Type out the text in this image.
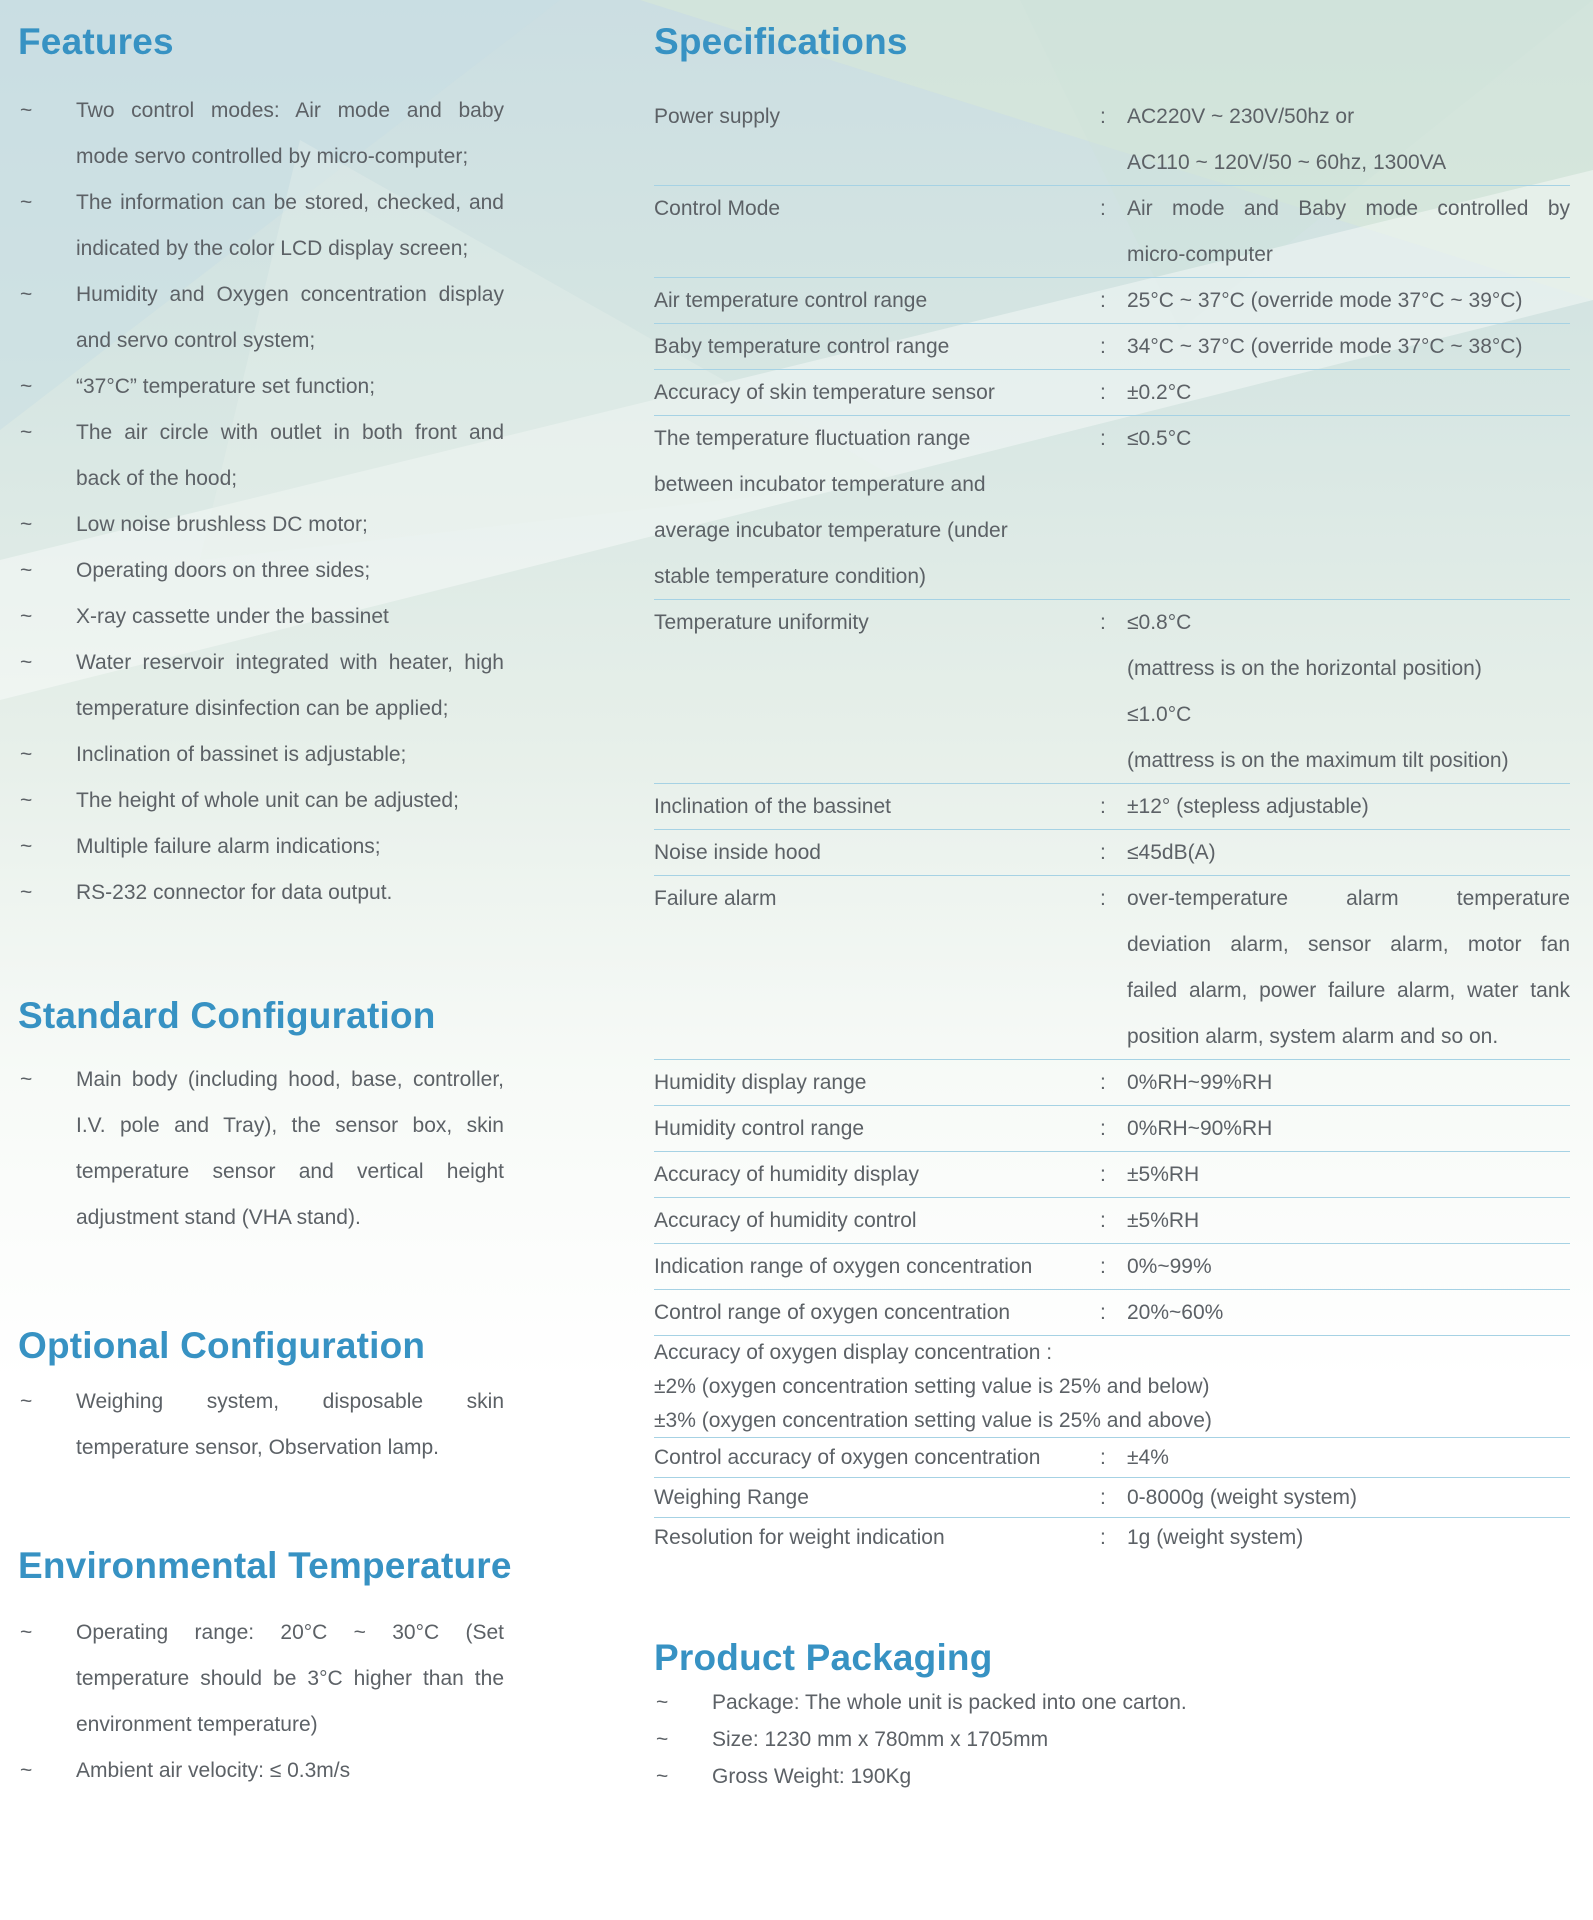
Features
~ Two control modes: Air mode and baby
mode servo controlled by micro-computer;
~ The information can be stored, checked, and
indicated by the color LCD display screen;
~ Humidity and Oxygen concentration display
and servo control system;
~ “37°C” temperature set function;
~ The air circle with outlet in both front and
back of the hood;
~ Low noise brushless DC motor;
~ Operating doors on three sides;
~ X-ray cassette under the bassinet
~ Water reservoir integrated with heater, high
temperature disinfection can be applied;
~ Inclination of bassinet is adjustable;
~ The height of whole unit can be adjusted;
~ Multiple failure alarm indications;
~ RS-232 connector for data output.
Standard Configuration
~ Main body (including hood, base, controller,
I.V. pole and Tray), the sensor box, skin
temperature sensor and vertical height
adjustment stand (VHA stand).
Optional Configuration
~ Weighing system, disposable skin
temperature sensor, Observation lamp.
Environmental Temperature
~ Operating range: 20°C ~ 30°C (Set
temperature should be 3°C higher than the
environment temperature)
~ Ambient air velocity: ≤ 0.3m/s
Specifications
Power supply	: AC220V ~ 230V/50hz or
AC110 ~ 120V/50 ~ 60hz, 1300VA
Control Mode	: Air mode and Baby mode controlled by
micro-computer
Air temperature control range	: 25°C ~ 37°C (override mode 37°C ~ 39°C)
Baby temperature control range	: 34°C ~ 37°C (override mode 37°C ~ 38°C)
Accuracy of skin temperature sensor	: ±0.2°C
The temperature fluctuation range
between incubator temperature and
average incubator temperature (under
stable temperature condition)
: ≤0.5°C
Temperature uniformity	: ≤0.8°C
(mattress is on the horizontal position)
≤1.0°C
(mattress is on the maximum tilt position)
Inclination of the bassinet	: ±12° (stepless adjustable)
Noise inside hood	: ≤45dB(A)
Failure alarm	: over-temperature alarm temperature
deviation alarm, sensor alarm, motor fan
failed alarm, power failure alarm, water tank
position alarm, system alarm and so on.
Humidity display range	: 0%RH~99%RH
Humidity control range	: 0%RH~90%RH
Accuracy of humidity display	: ±5%RH
Accuracy of humidity control	: ±5%RH
Indication range of oxygen concentration	: 0%~99%
Control range of oxygen concentration	: 20%~60%
Accuracy of oxygen display concentration :
±2% (oxygen concentration setting value is 25% and below)
±3% (oxygen concentration setting value is 25% and above)
Control accuracy of oxygen concentration	: ±4%
Weighing Range	: 0-8000g (weight system)
Resolution for weight indication	: 1g (weight system)
Product Packaging
~ Package: The whole unit is packed into one carton.
~ Size: 1230 mm x 780mm x 1705mm
~ Gross Weight: 190Kg
